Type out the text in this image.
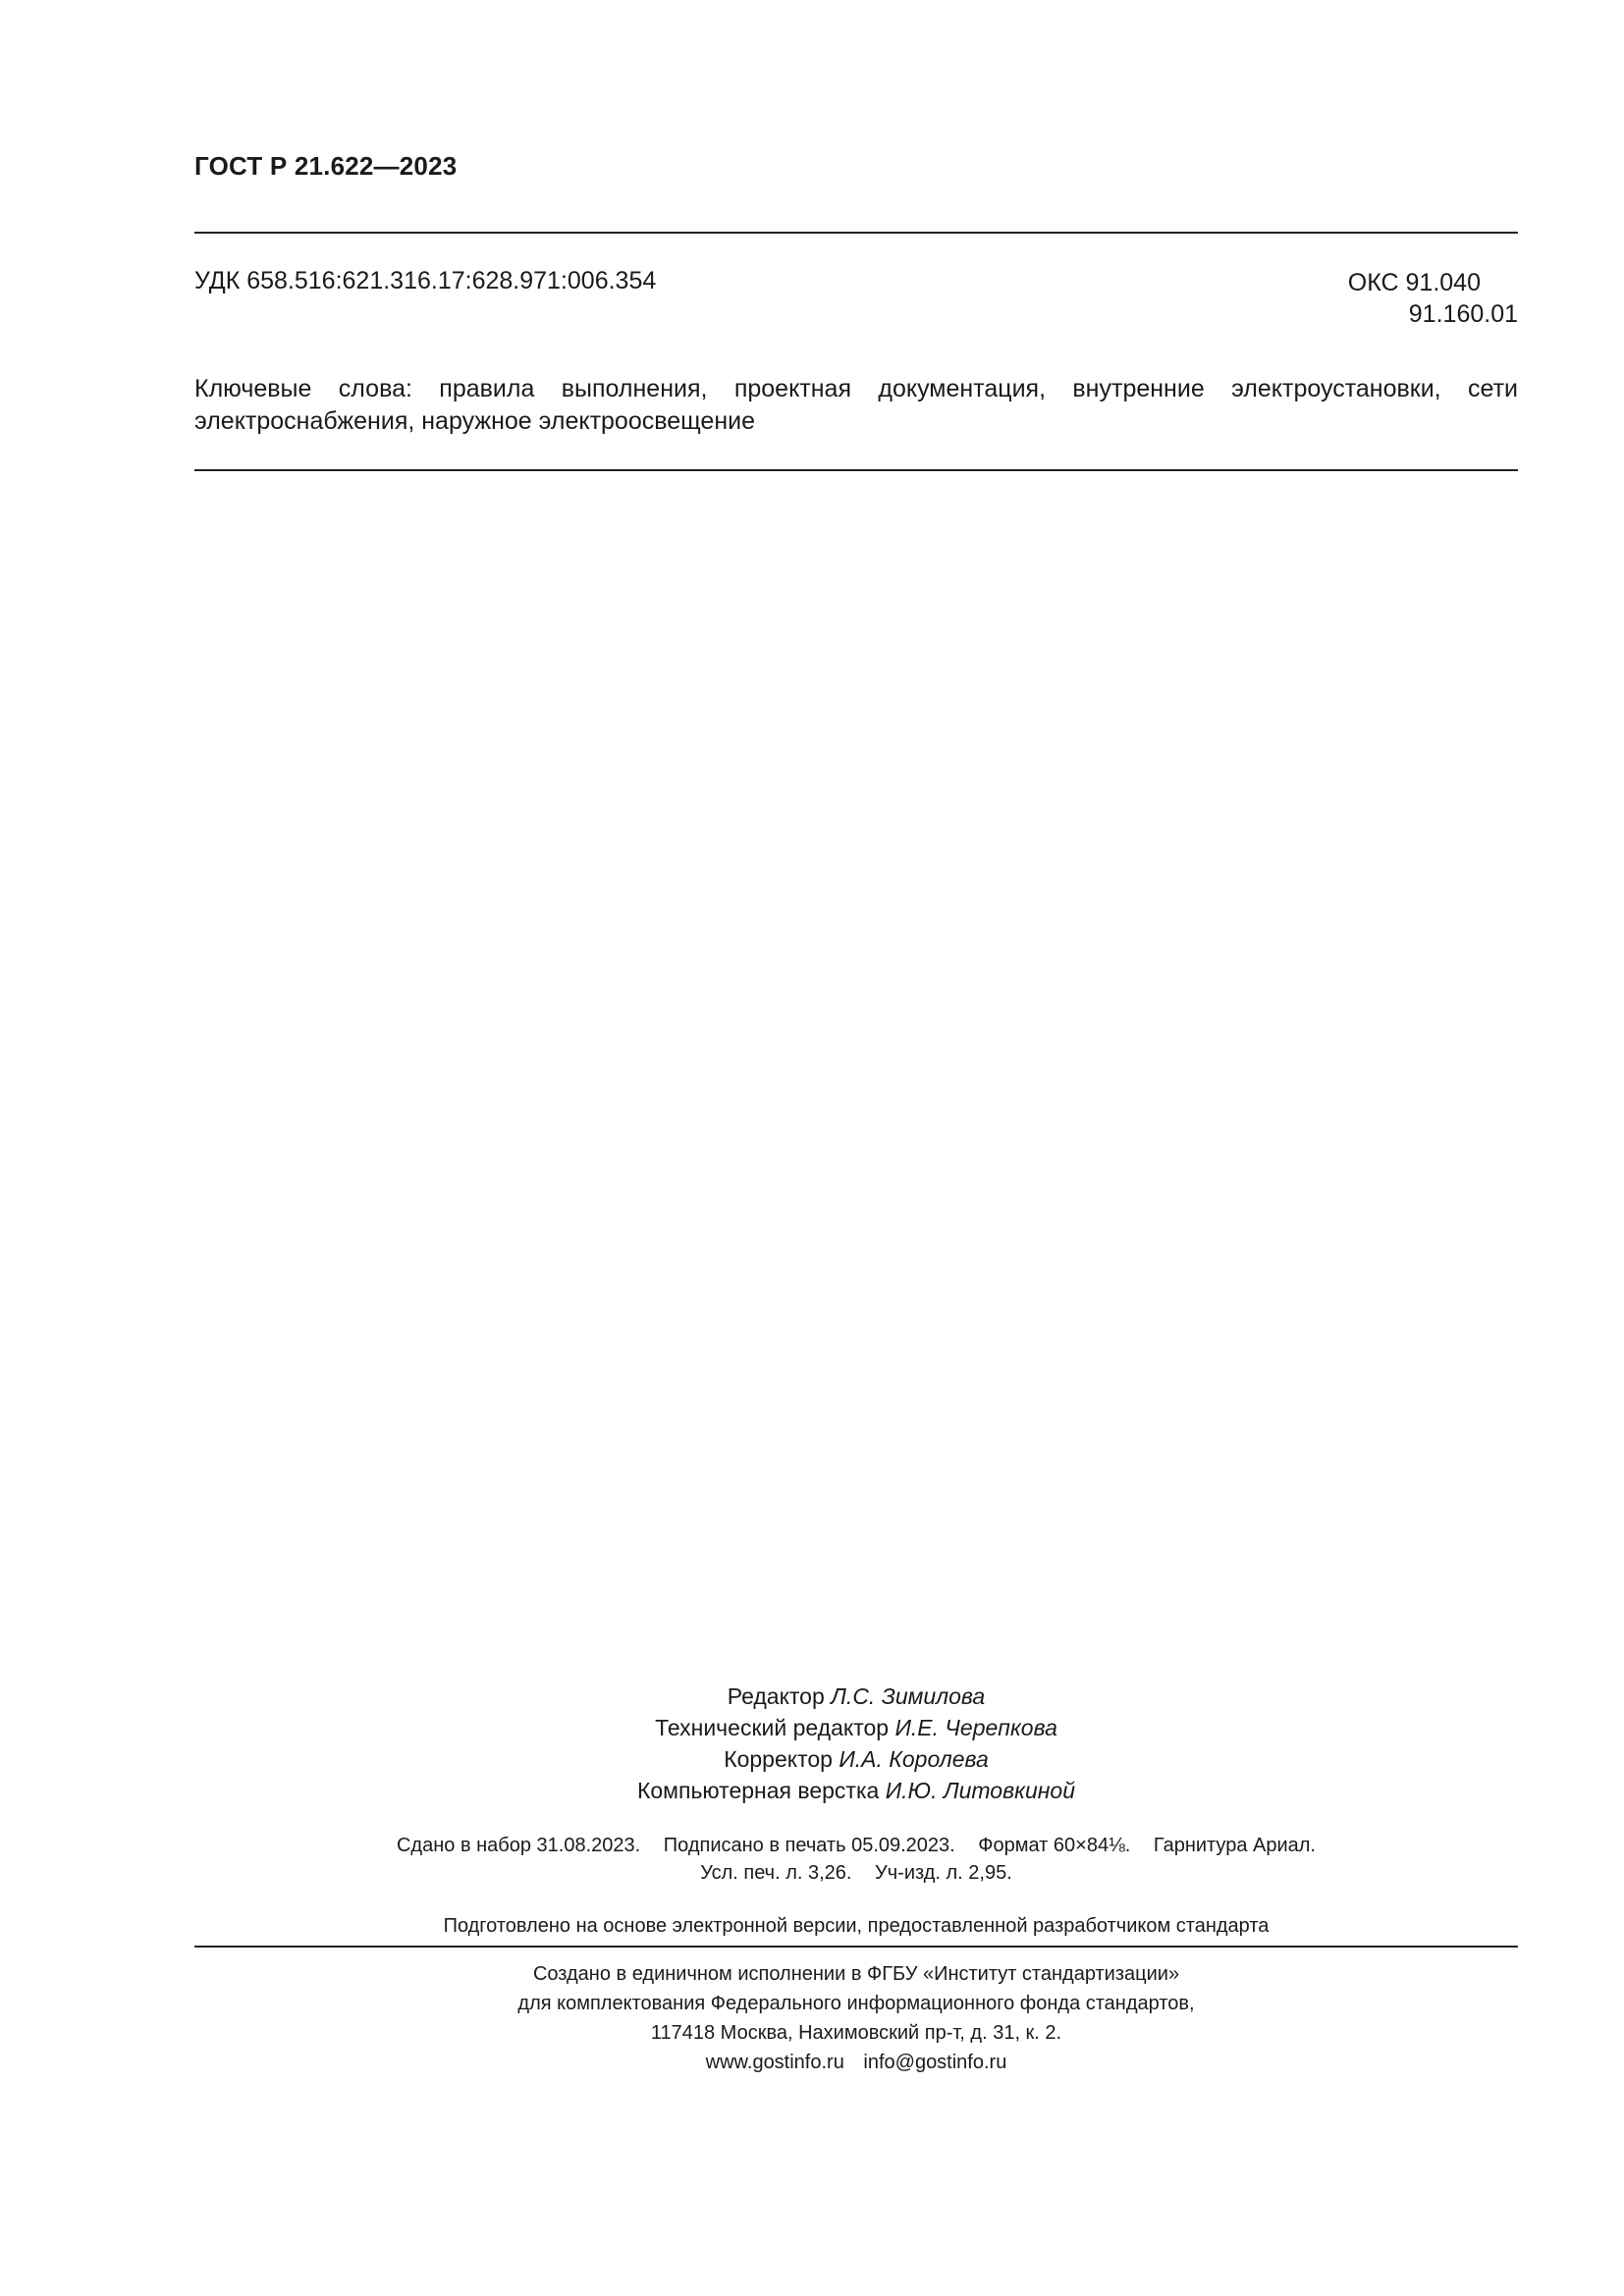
ГОСТ Р 21.622—2023
УДК 658.516:621.316.17:628.971:006.354	ОКС 91.040
91.160.01
Ключевые слова: правила выполнения, проектная документация, внутренние электроустановки, сети электроснабжения, наружное электроосвещение
Редактор Л.С. Зимилова
Технический редактор И.Е. Черепкова
Корректор И.А. Королева
Компьютерная верстка И.Ю. Литовкиной
Сдано в набор 31.08.2023. Подписано в печать 05.09.2023. Формат 60×84⅛. Гарнитура Ариал.
Усл. печ. л. 3,26. Уч-изд. л. 2,95.
Подготовлено на основе электронной версии, предоставленной разработчиком стандарта
Создано в единичном исполнении в ФГБУ «Институт стандартизации»
для комплектования Федерального информационного фонда стандартов,
117418 Москва, Нахимовский пр-т, д. 31, к. 2.
www.gostinfo.ru info@gostinfo.ru
